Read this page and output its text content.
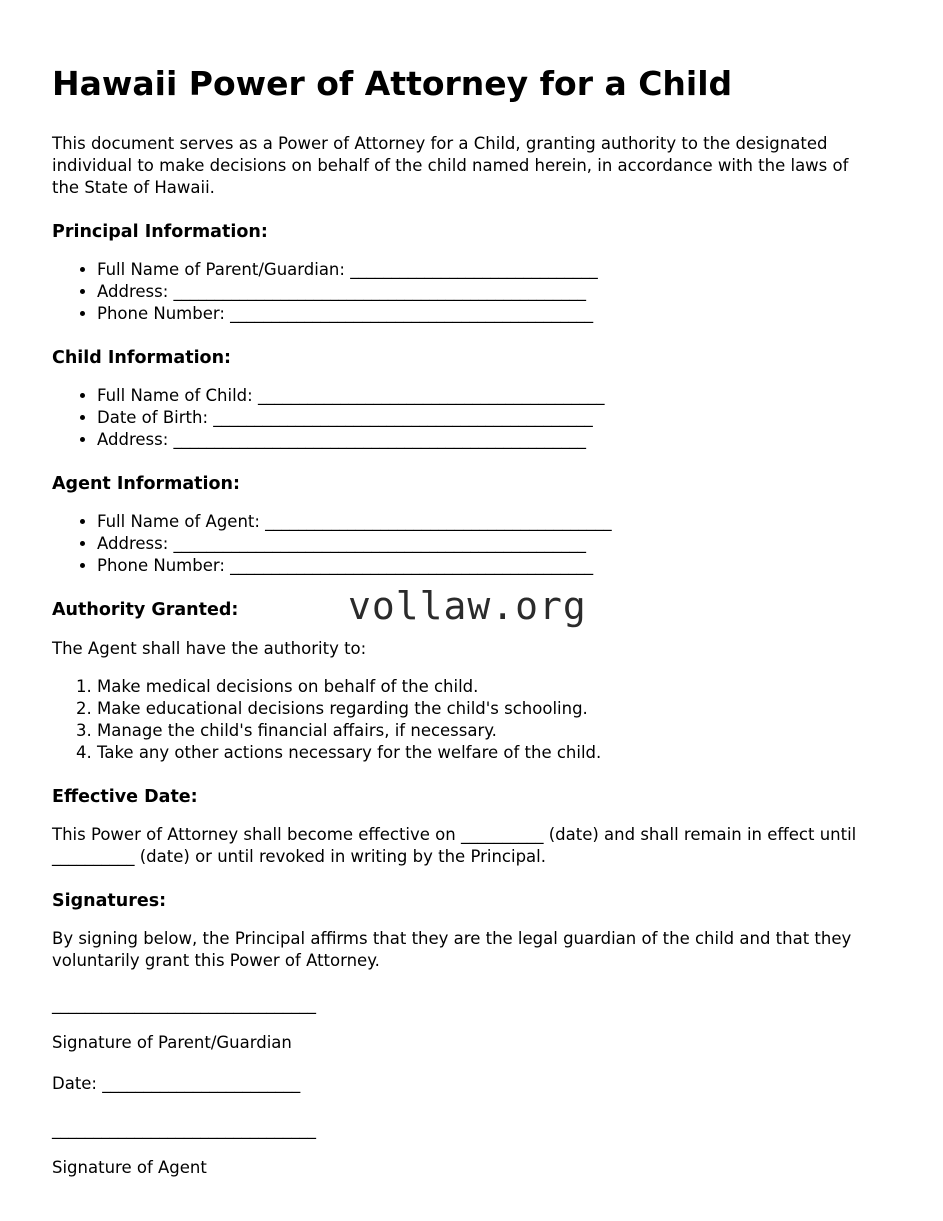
Hawaii Power of Attorney for a Child

This document serves as a Power of Attorney for a Child, granting authority to the designated individual to make decisions on behalf of the child named herein, in accordance with the laws of the State of Hawaii.

Principal Information:
• Full Name of Parent/Guardian: ______________________________
• Address: __________________________________________________
• Phone Number: ____________________________________________
Child Information:
• Full Name of Child: __________________________________________
• Date of Birth: ______________________________________________
• Address: __________________________________________________
Agent Information:
• Full Name of Agent: __________________________________________
• Address: __________________________________________________
• Phone Number: ____________________________________________
Authority Granted:	vollaw.org

The Agent shall have the authority to:

1. Make medical decisions on behalf of the child.
2. Make educational decisions regarding the child's schooling.
3. Manage the child's financial affairs, if necessary.
4. Take any other actions necessary for the welfare of the child.
Effective Date:

This Power of Attorney shall become effective on __________ (date) and shall remain in effect until __________ (date) or until revoked in writing by the Principal.

Signatures:

By signing below, the Principal affirms that they are the legal guardian of the child and that they voluntarily grant this Power of Attorney.

________________________________

Signature of Parent/Guardian

Date: ________________________

________________________________

Signature of Agent
